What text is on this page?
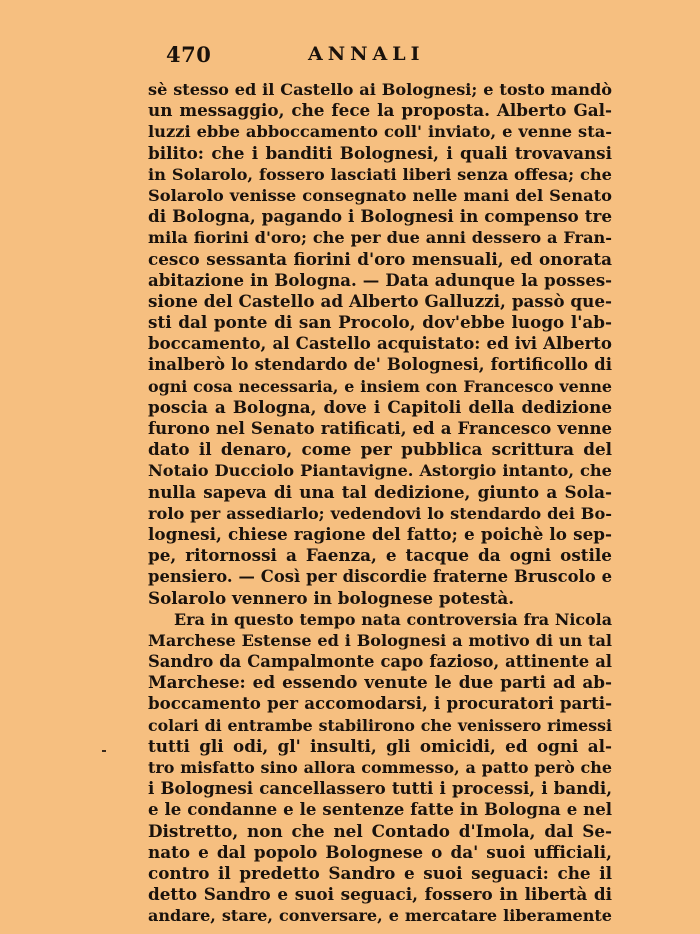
470	ANNALI
sè stesso ed il Castello ai Bolognesi; e tosto mandò
un messaggio, che fece la proposta. Alberto Gal-
luzzi ebbe abboccamento coll' inviato, e venne sta-
bilito: che i banditi Bolognesi, i quali trovavansi
in Solarolo, fossero lasciati liberi senza offesa; che
Solarolo venisse consegnato nelle mani del Senato
di Bologna, pagando i Bolognesi in compenso tre
mila fiorini d'oro; che per due anni dessero a Fran-
cesco sessanta fiorini d'oro mensuali, ed onorata
abitazione in Bologna. — Data adunque la posses-
sione del Castello ad Alberto Galluzzi, passò que-
sti dal ponte di san Procolo, dov'ebbe luogo l'ab-
boccamento, al Castello acquistato: ed ivi Alberto
inalberò lo stendardo de' Bolognesi, fortificollo di
ogni cosa necessaria, e insiem con Francesco venne
poscia a Bologna, dove i Capitoli della dedizione
furono nel Senato ratificati, ed a Francesco venne
dato il denaro, come per pubblica scrittura del
Notaio Ducciolo Piantavigne. Astorgio intanto, che
nulla sapeva di una tal dedizione, giunto a Sola-
rolo per assediarlo; vedendovi lo stendardo dei Bo-
lognesi, chiese ragione del fatto; e poichè lo sep-
pe, ritornossi a Faenza, e tacque da ogni ostile
pensiero. — Così per discordie fraterne Bruscolo e
Solarolo vennero in bolognese potestà.
Era in questo tempo nata controversia fra Nicola
Marchese Estense ed i Bolognesi a motivo di un tal
Sandro da Campalmonte capo fazioso, attinente al
Marchese: ed essendo venute le due parti ad ab-
boccamento per accomodarsi, i procuratori parti-
colari di entrambe stabilirono che venissero rimessi
tutti gli odi, gl' insulti, gli omicidi, ed ogni al-
tro misfatto sino allora commesso, a patto però che
i Bolognesi cancellassero tutti i processi, i bandi,
e le condanne e le sentenze fatte in Bologna e nel
Distretto, non che nel Contado d'Imola, dal Se-
nato e dal popolo Bolognese o da' suoi ufficiali,
contro il predetto Sandro e suoi seguaci: che il
detto Sandro e suoi seguaci, fossero in libertà di
andare, stare, conversare, e mercatare liberamente
